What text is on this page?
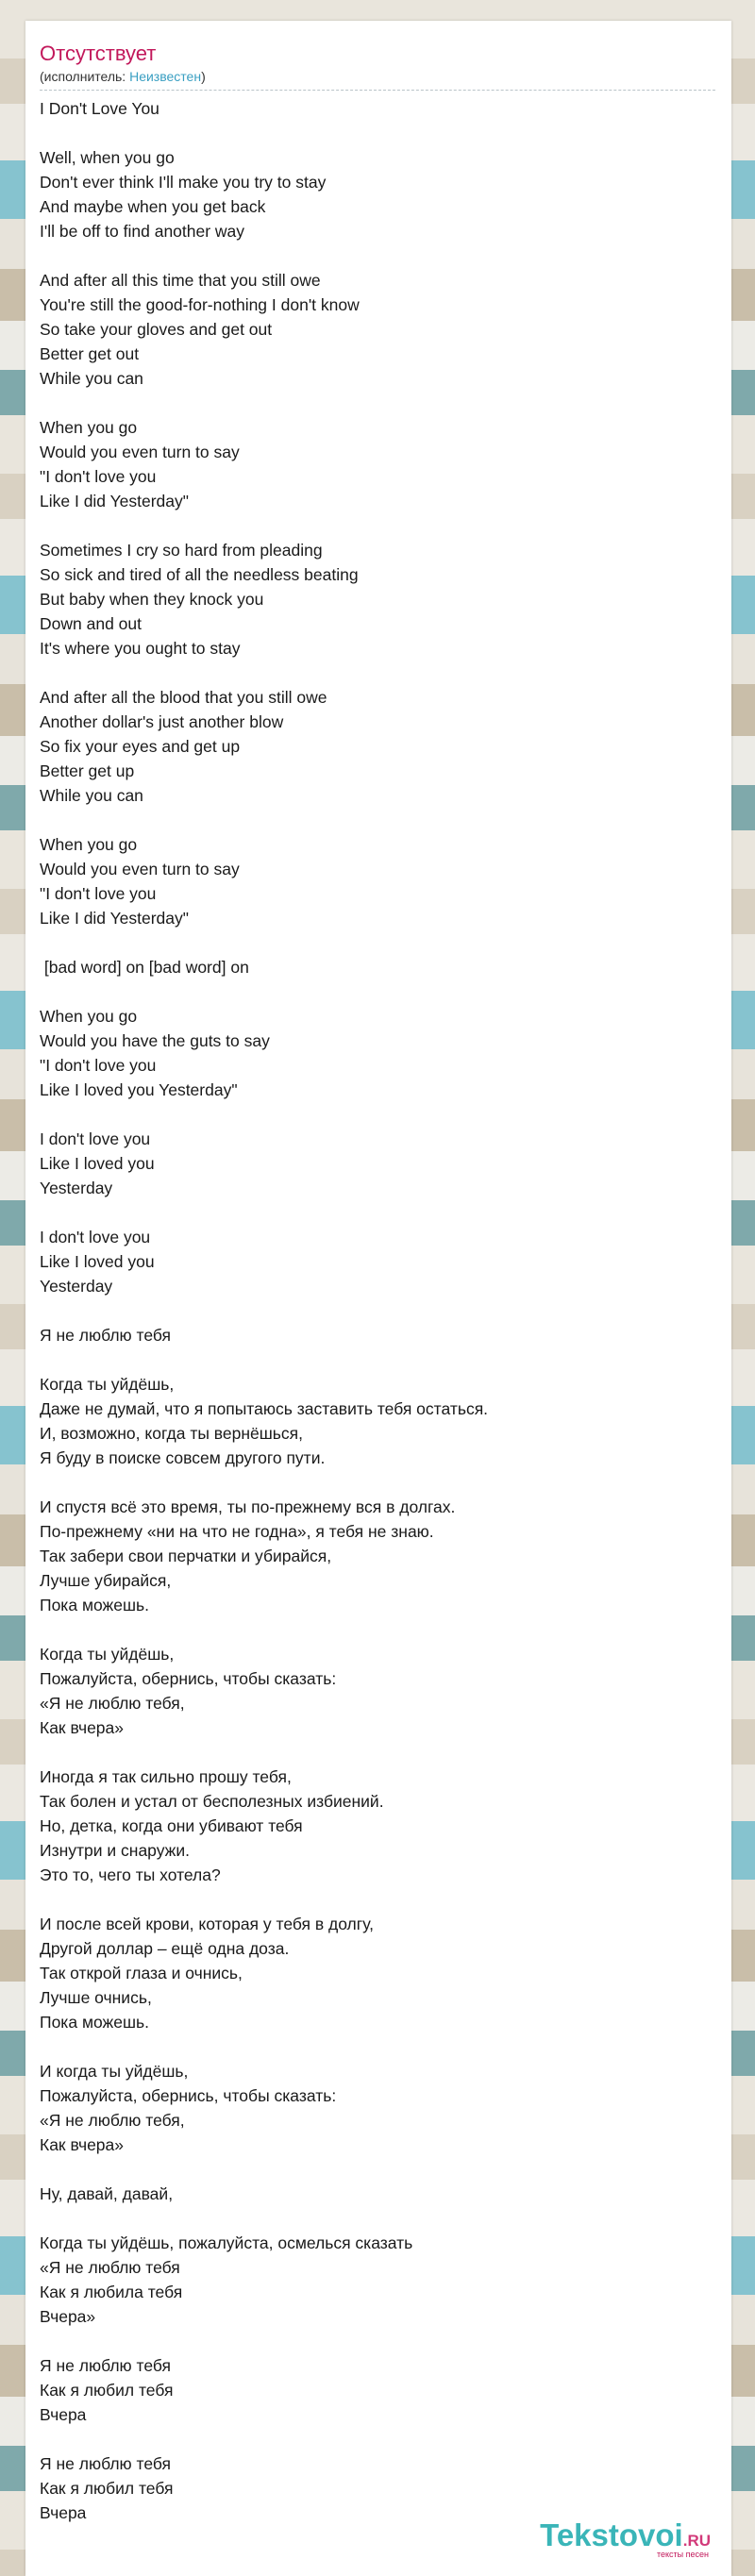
Отсутствует
(исполнитель: Неизвестен)
I Don't Love You

Well, when you go
Don't ever think I'll make you try to stay
And maybe when you get back
I'll be off to find another way

And after all this time that you still owe
You're still the good-for-nothing I don't know
So take your gloves and get out
Better get out
While you can

When you go
Would you even turn to say
"I don't love you
Like I did Yesterday"

Sometimes I cry so hard from pleading
So sick and tired of all the needless beating
But baby when they knock you
Down and out
It's where you ought to stay

And after all the blood that you still owe
Another dollar's just another blow
So fix your eyes and get up
Better get up
While you can

When you go
Would you even turn to say
"I don't love you
Like I did Yesterday"

[bad word] on [bad word] on

When you go
Would you have the guts to say
"I don't love you
Like I loved you Yesterday"

I don't love you
Like I loved you
Yesterday

I don't love you
Like I loved you
Yesterday

Я не люблю тебя

Когда ты уйдёшь,
Даже не думай, что я попытаюсь заставить тебя остаться.
И, возможно, когда ты вернёшься,
Я буду в поиске совсем другого пути.

И спустя всё это время, ты по-прежнему вся в долгах.
По-прежнему «ни на что не годна», я тебя не знаю.
Так забери свои перчатки и убирайся,
Лучше убирайся,
Пока можешь.

Когда ты уйдёшь,
Пожалуйста, обернись, чтобы сказать:
«Я не люблю тебя,
Как вчера»

Иногда я так сильно прошу тебя,
Так болен и устал от бесполезных избиений.
Но, детка, когда они убивают тебя
Изнутри и снаружи.
Это то, чего ты хотела?

И после всей крови, которая у тебя в долгу,
Другой доллар – ещё одна доза.
Так открой глаза и очнись,
Лучше очнись,
Пока можешь.

И когда ты уйдёшь,
Пожалуйста, обернись, чтобы сказать:
«Я не люблю тебя,
Как вчера»

Ну, давай, давай,

Когда ты уйдёшь, пожалуйста, осмелься сказать
«Я не люблю тебя
Как я любила тебя
Вчера»

Я не люблю тебя
Как я любил тебя
Вчера

Я не люблю тебя
Как я любил тебя
Вчера
Tekstovoi.RU
тексты песен
